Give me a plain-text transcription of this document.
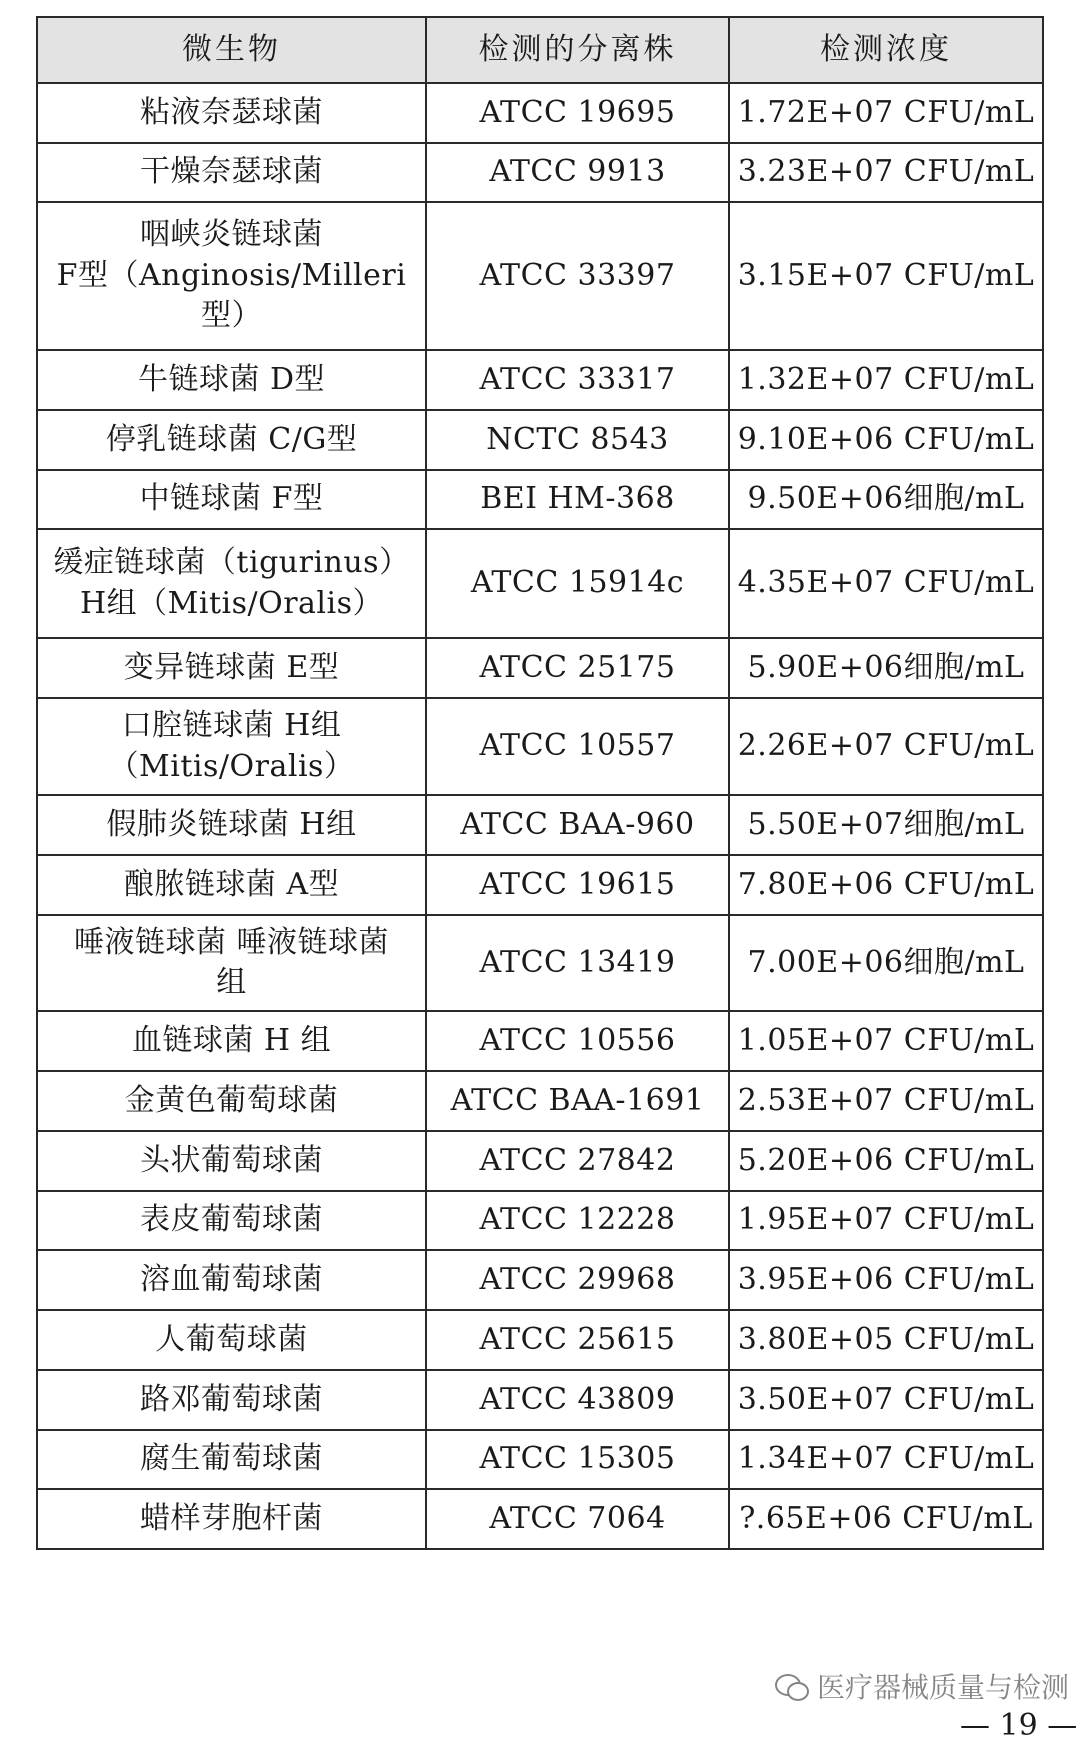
微生物	检测的分离株	检测浓度

粘液奈瑟球菌	ATCC 19695	1.72E+07 CFU/mL

干燥奈瑟球菌	ATCC 9913	3.23E+07 CFU/mL

咽峡炎链球菌
F型（Anginosis/Milleri
型）	ATCC 33397	3.15E+07 CFU/mL

牛链球菌 D型	ATCC 33317	1.32E+07 CFU/mL

停乳链球菌 C/G型	NCTC 8543	9.10E+06 CFU/mL

中链球菌 F型	BEI HM-368	9.50E+06细胞/mL

缓症链球菌（tigurinus）
H组（Mitis/Oralis）	ATCC 15914c	4.35E+07 CFU/mL

变异链球菌 E型	ATCC 25175	5.90E+06细胞/mL

口腔链球菌 H组
（Mitis/Oralis）	ATCC 10557	2.26E+07 CFU/mL

假肺炎链球菌 H组	ATCC BAA-960	5.50E+07细胞/mL

酿脓链球菌 A型	ATCC 19615	7.80E+06 CFU/mL

唾液链球菌 唾液链球菌
组	ATCC 13419	7.00E+06细胞/mL

血链球菌 H 组	ATCC 10556	1.05E+07 CFU/mL

金黄色葡萄球菌	ATCC BAA-1691	2.53E+07 CFU/mL

头状葡萄球菌	ATCC 27842	5.20E+06 CFU/mL

表皮葡萄球菌	ATCC 12228	1.95E+07 CFU/mL

溶血葡萄球菌	ATCC 29968	3.95E+06 CFU/mL

人葡萄球菌	ATCC 25615	3.80E+05 CFU/mL

路邓葡萄球菌	ATCC 43809	3.50E+07 CFU/mL

腐生葡萄球菌	ATCC 15305	1.34E+07 CFU/mL

蜡样芽胞杆菌	ATCC 7064	?.65E+06 CFU/mL
医疗器械质量与检测
— 19 —
